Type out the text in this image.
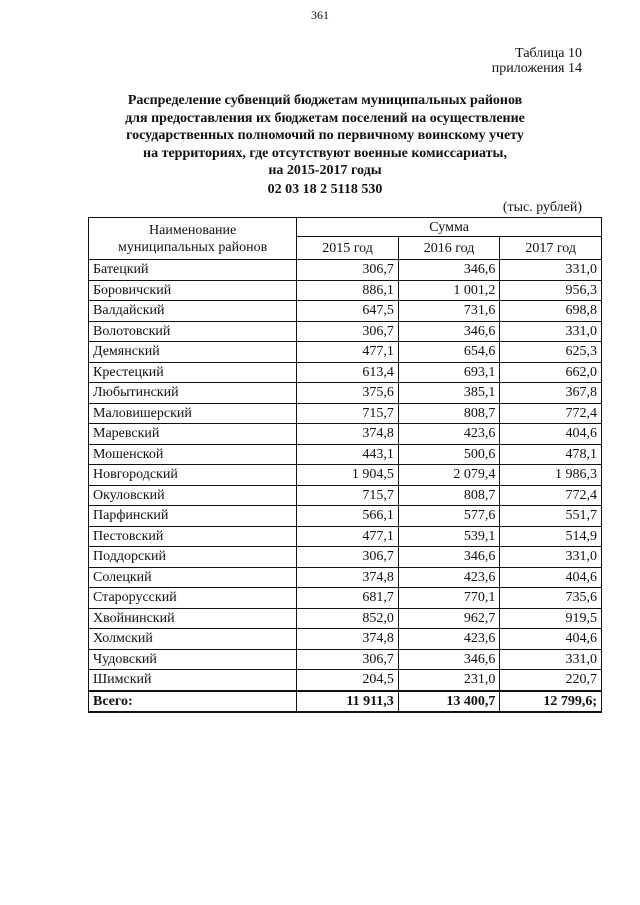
361
Таблица 10
приложения 14
Распределение субвенций бюджетам муниципальных районов
для предоставления их бюджетам поселений на осуществление
государственных полномочий по первичному воинскому учету
на территориях, где отсутствуют военные комиссариаты,
на 2015-2017 годы
02 03 18 2 5118 530
(тыс. рублей)
Наименование
муниципальных районов	Сумма		
	2015 год	2016 год	2017 год
Батецкий	306,7	346,6	331,0
Боровичский	886,1	1 001,2	956,3
Валдайский	647,5	731,6	698,8
Волотовский	306,7	346,6	331,0
Демянский	477,1	654,6	625,3
Крестецкий	613,4	693,1	662,0
Любытинский	375,6	385,1	367,8
Маловишерский	715,7	808,7	772,4
Маревский	374,8	423,6	404,6
Мошенской	443,1	500,6	478,1
Новгородский	1 904,5	2 079,4	1 986,3
Окуловский	715,7	808,7	772,4
Парфинский	566,1	577,6	551,7
Пестовский	477,1	539,1	514,9
Поддорский	306,7	346,6	331,0
Солецкий	374,8	423,6	404,6
Старорусский	681,7	770,1	735,6
Хвойнинский	852,0	962,7	919,5
Холмский	374,8	423,6	404,6
Чудовский	306,7	346,6	331,0
Шимский	204,5	231,0	220,7
Всего:	11 911,3	13 400,7	12 799,6;
